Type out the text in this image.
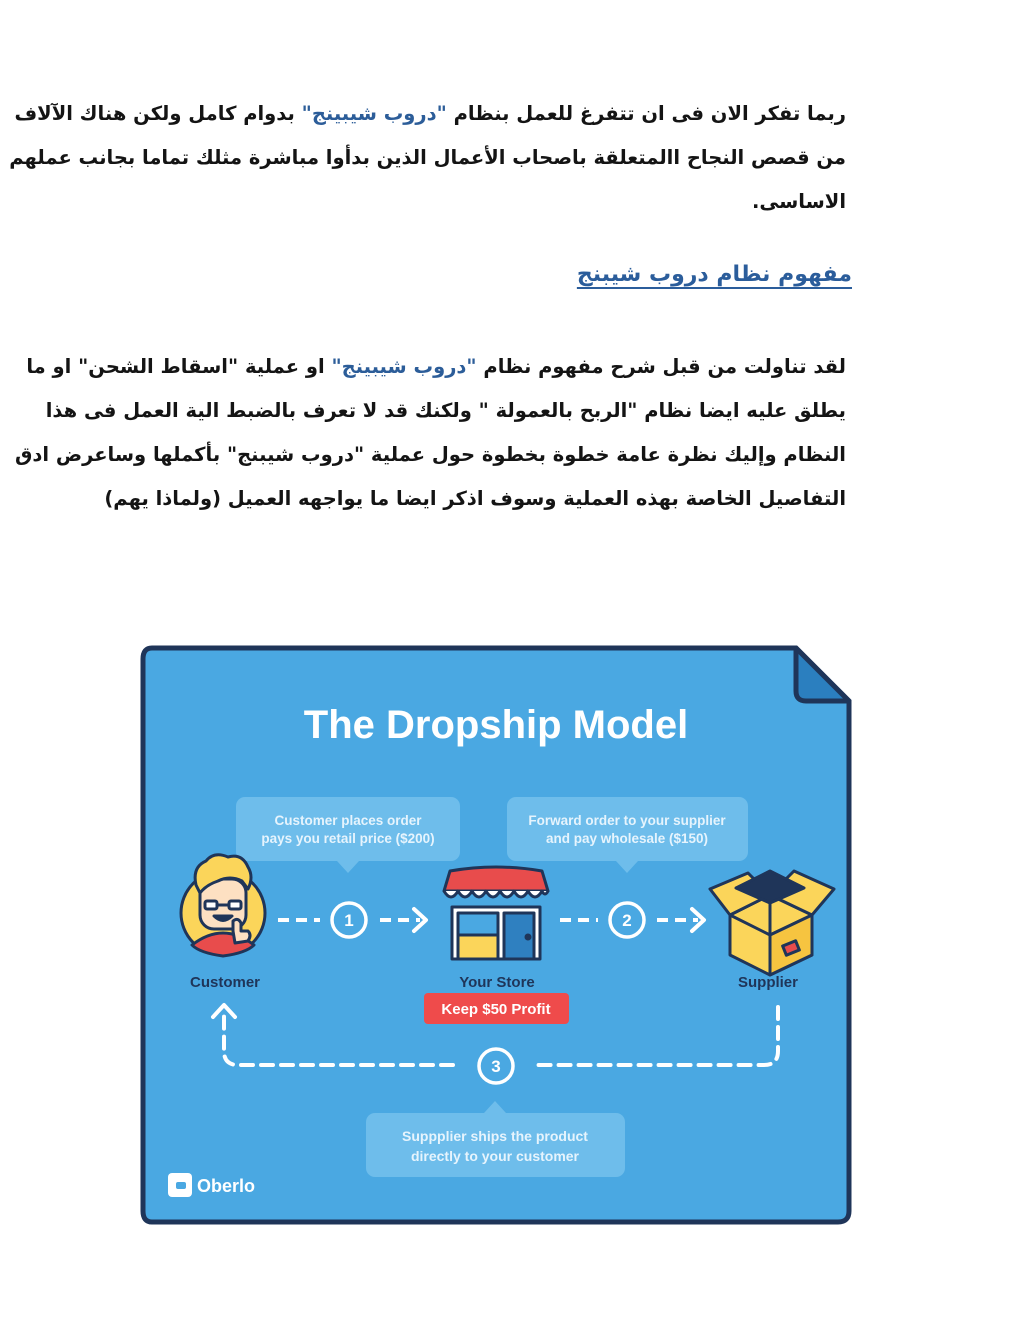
ربما تفكر الان فى ان تتفرغ للعمل بنظام "دروب شيبينج" بدوام كامل ولكن هناك الآلاف
من قصص النجاح االمتعلقة باصحاب الأعمال الذين بدأوا مباشرة مثلك تماما بجانب عملهم
الاساسى.
مفهوم نظام دروب شيبنج
لقد تناولت من قبل شرح مفهوم نظام "دروب شيبينج" او عملية "اسقاط الشحن" او ما
يطلق عليه ايضا نظام "الربح بالعمولة " ولكنك قد لا تعرف بالضبط الية العمل فى هذا
النظام وإليك نظرة عامة خطوة بخطوة حول عملية "دروب شيبنج" بأكملها وساعرض ادق
التفاصيل الخاصة بهذه العملية وسوف اذكر ايضا ما يواجهه العميل (ولماذا يهم)
The Dropship Model
Customer places order
pays you retail price ($200)
Forward order to your supplier
and pay wholesale ($150)
Suppplier ships the product
directly to your customer
1	2
3
Customer	Your Store
Keep $50 Profit
Supplier
Oberlo
